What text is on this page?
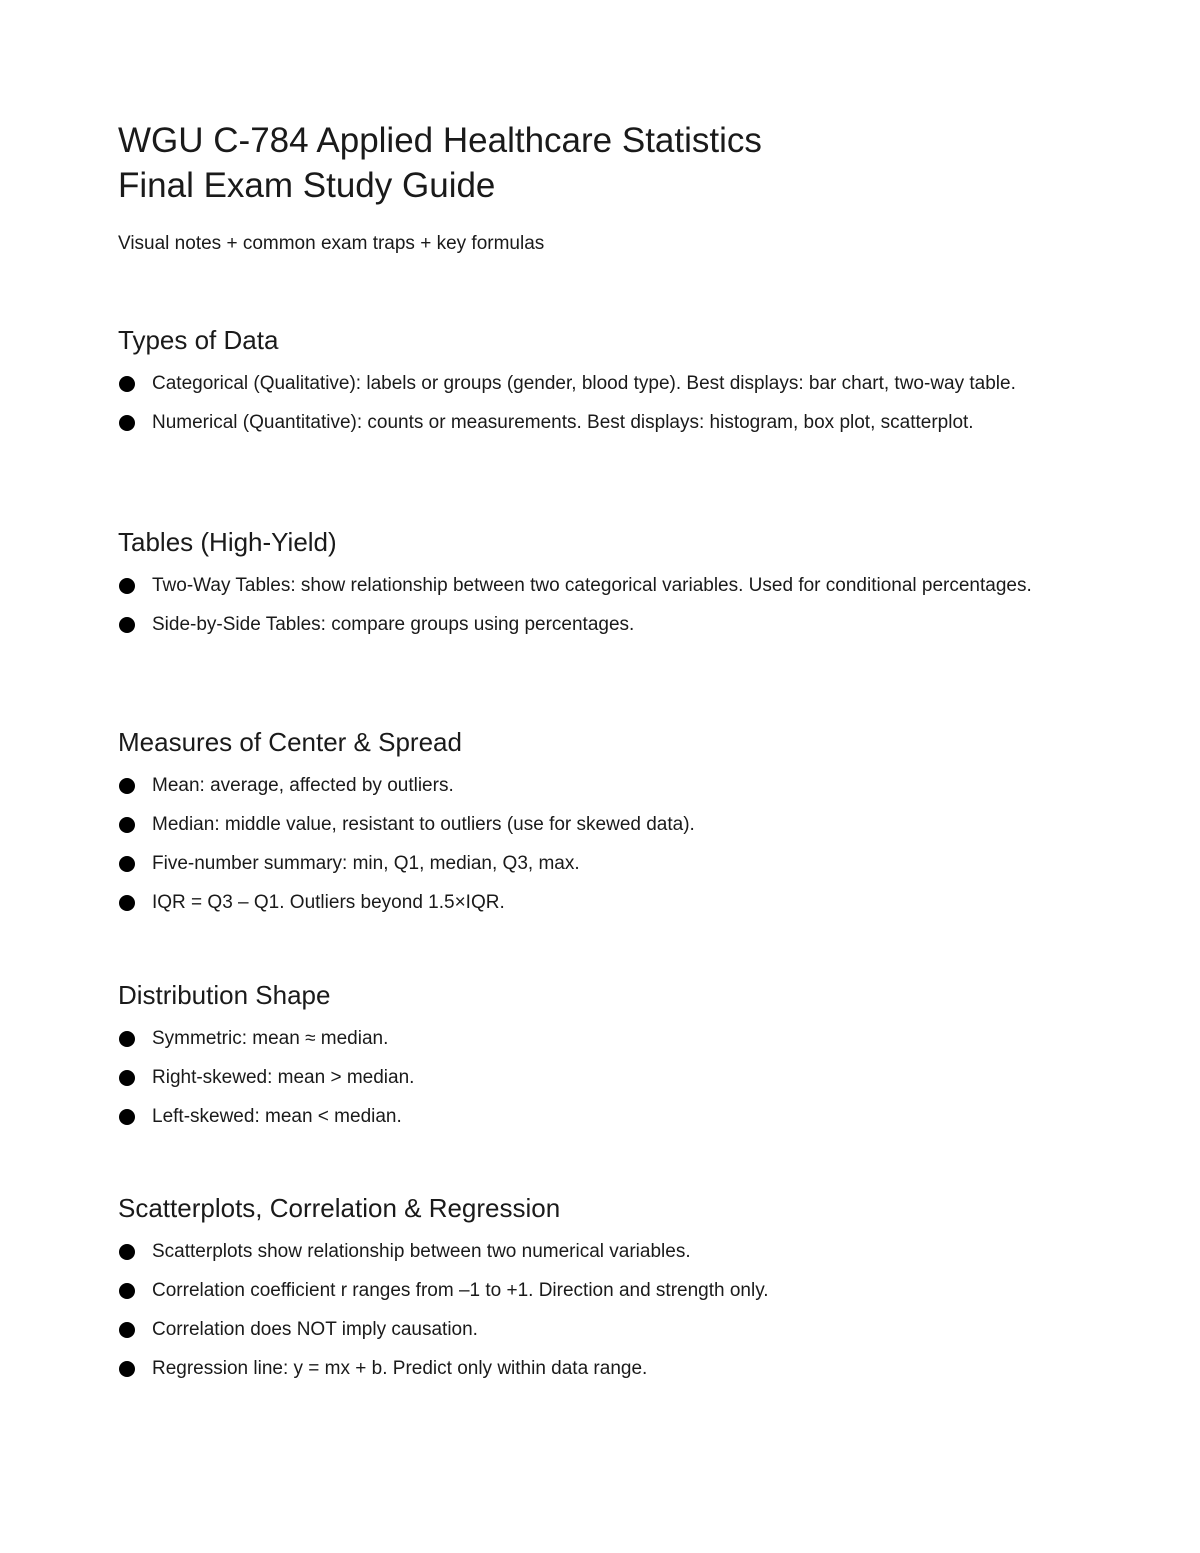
WGU C-784 Applied Healthcare Statistics
Final Exam Study Guide

Visual notes + common exam traps + key formulas

Types of Data
Categorical (Qualitative): labels or groups (gender, blood type). Best displays: bar chart, two-way table.
Numerical (Quantitative): counts or measurements. Best displays: histogram, box plot, scatterplot.
Tables (High-Yield)
Two-Way Tables: show relationship between two categorical variables. Used for conditional percentages.
Side-by-Side Tables: compare groups using percentages.
Measures of Center & Spread
Mean: average, affected by outliers.
Median: middle value, resistant to outliers (use for skewed data).
Five-number summary: min, Q1, median, Q3, max.
IQR = Q3 – Q1. Outliers beyond 1.5×IQR.
Distribution Shape
Symmetric: mean ≈ median.
Right-skewed: mean > median.
Left-skewed: mean < median.
Scatterplots, Correlation & Regression
Scatterplots show relationship between two numerical variables.
Correlation coefficient r ranges from –1 to +1. Direction and strength only.
Correlation does NOT imply causation.
Regression line: y = mx + b. Predict only within data range.
